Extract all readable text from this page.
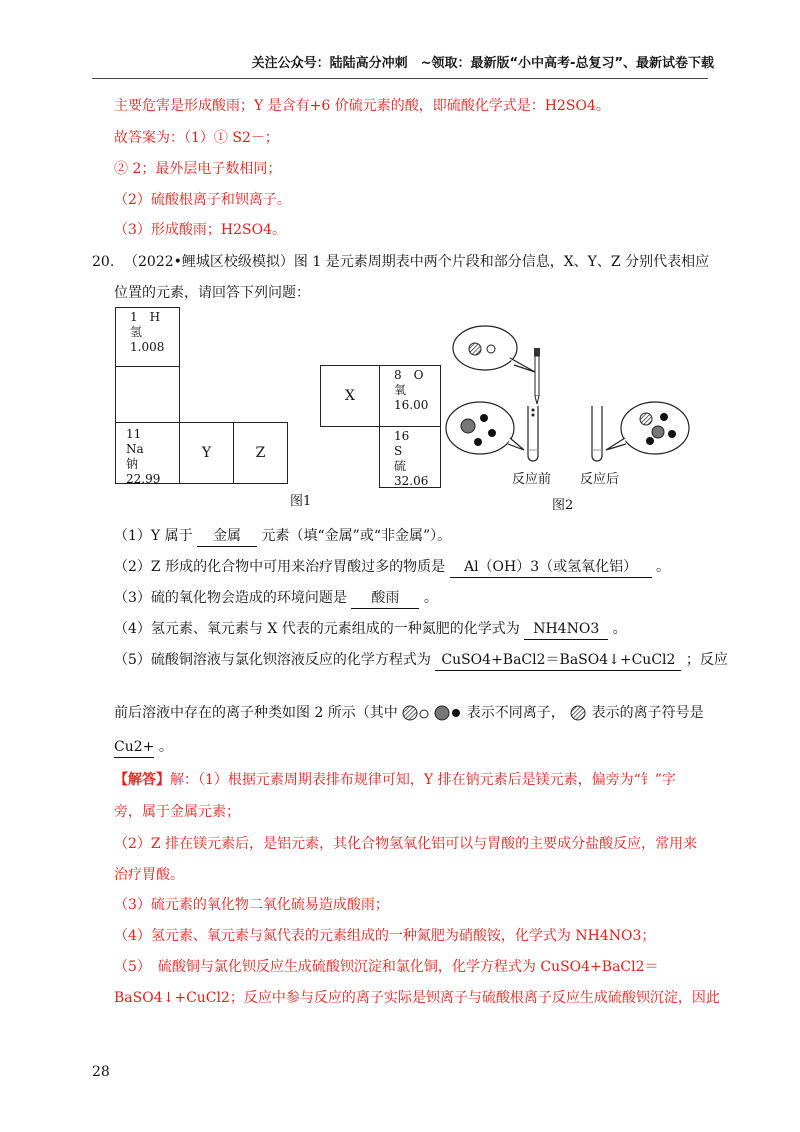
关注公众号：陆陆高分冲刺　~领取：最新版“小中高考-总复习”、最新试卷下载
主要危害是形成酸雨；Y 是含有+6 价硫元素的酸，即硫酸化学式是：H2SO4。
故答案为：（1）① S2－；
② 2；最外层电子数相同；
（2）硫酸根离子和钡离子。
（3）形成酸雨；H2SO4。
20. （2022•鲤城区校级模拟）图 1 是元素周期表中两个片段和部分信息，X、Y、Z 分别代表相应
位置的元素，请回答下列问题：
1　H
氢
1.008
11　Na
钠
22.99
Y	Z
X
8　O
氧
16.00
16　S
硫
32.06
图1
反应前 反应后
图2
（1）Y 属于 金属 元素（填“金属”或“非金属”）。
（2）Z 形成的化合物中可用来治疗胃酸过多的物质是 Al（OH）3（或氢氧化铝） 。
（3）硫的氧化物会造成的环境问题是 酸雨 。
（4）氢元素、氧元素与 X 代表的元素组成的一种氮肥的化学式为 NH4NO3 。
（5）硫酸铜溶液与氯化钡溶液反应的化学方程式为 CuSO4+BaCl2＝BaSO4↓+CuCl2 ；反应
前后溶液中存在的离子种类如图 2 所示（其中	表示不同离子， 表示的离子符号是
Cu2+ 。
【解答】解：（1）根据元素周期表排布规律可知，Y 排在钠元素后是镁元素，偏旁为“钅”字
旁，属于金属元素；
（2）Z 排在镁元素后，是铝元素，其化合物氢氧化铝可以与胃酸的主要成分盐酸反应，常用来
治疗胃酸。
（3）硫元素的氧化物二氧化硫易造成酸雨；
（4）氢元素、氧元素与氮代表的元素组成的一种氮肥为硝酸铵，化学式为 NH4NO3；
（5）　硫酸铜与氯化钡反应生成硫酸钡沉淀和氯化铜，化学方程式为 CuSO4+BaCl2＝
BaSO4↓+CuCl2；反应中参与反应的离子实际是钡离子与硫酸根离子反应生成硫酸钡沉淀，因此
28
